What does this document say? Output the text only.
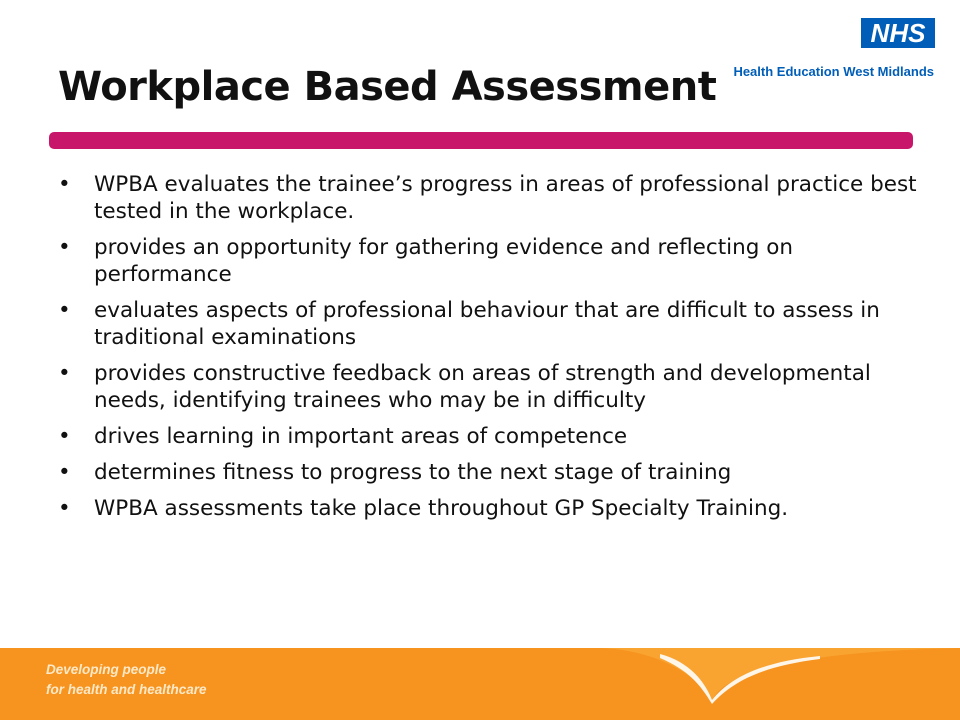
NHS
Health Education West Midlands
Workplace Based Assessment
•	WPBA evaluates the trainee’s progress in areas of professional practice best tested in the workplace.
•	provides an opportunity for gathering evidence and reflecting on performance
•	evaluates aspects of professional behaviour that are difficult to assess in traditional examinations
•	provides constructive feedback on areas of strength and developmental needs, identifying trainees who may be in difficulty
•	drives learning in important areas of competence
•	determines fitness to progress to the next stage of training
•	WPBA assessments take place throughout GP Specialty Training.
Developing people
for health and healthcare
